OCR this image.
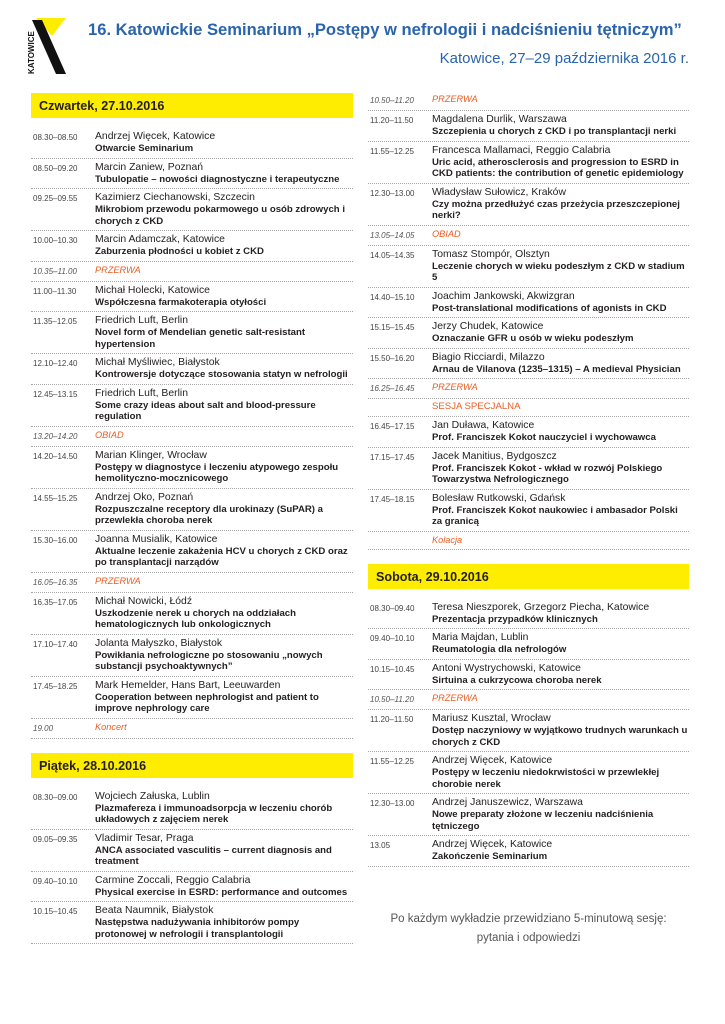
KATOWICE
16. Katowickie Seminarium „Postępy w nefrologii i nadciśnieniu tętniczym”
Katowice, 27–29 października 2016 r.
Czwartek, 27.10.2016
08.30–08.50	Andrzej Więcek, Katowice
Otwarcie Seminarium
08.50–09.20	Marcin Zaniew, Poznań
Tubulopatie – nowości diagnostyczne i terapeutyczne
09.25–09.55	Kazimierz Ciechanowski, Szczecin
Mikrobiom przewodu pokarmowego u osób zdrowych i chorych z CKD
10.00–10.30	Marcin Adamczak, Katowice
Zaburzenia płodności u kobiet z CKD
10.35–11.00	PRZERWA
11.00–11.30	Michał Holecki, Katowice
Współczesna farmakoterapia otyłości
11.35–12.05	Friedrich Luft, Berlin
Novel form of Mendelian genetic salt-resistant hypertension
12.10–12.40	Michał Myśliwiec, Białystok
Kontrowersje dotyczące stosowania statyn w nefrologii
12.45–13.15	Friedrich Luft, Berlin
Some crazy ideas about salt and blood-pressure regulation
13.20–14.20	OBIAD
14.20–14.50	Marian Klinger, Wrocław
Postępy w diagnostyce i leczeniu atypowego zespołu hemolityczno-mocznicowego
14.55–15.25	Andrzej Oko, Poznań
Rozpuszczalne receptory dla urokinazy (SuPAR) a przewlekła choroba nerek
15.30–16.00	Joanna Musialik, Katowice
Aktualne leczenie zakażenia HCV u chorych z CKD oraz po transplantacji narządów
16.05–16.35	PRZERWA
16.35–17.05	Michał Nowicki, Łódź
Uszkodzenie nerek u chorych na oddziałach hematologicznych lub onkologicznych
17.10–17.40	Jolanta Małyszko, Białystok
Powikłania nefrologiczne po stosowaniu „nowych substancji psychoaktywnych”
17.45–18.25	Mark Hemelder, Hans Bart, Leeuwarden
Cooperation between nephrologist and patient to improve nephrology care
19.00	Koncert
Piątek, 28.10.2016
08.30–09.00	Wojciech Załuska, Lublin
Plazmafereza i immunoadsorpcja w leczeniu chorób układowych z zajęciem nerek
09.05–09.35	Vladimir Tesar, Praga
ANCA associated vasculitis – current diagnosis and treatment
09.40–10.10	Carmine Zoccali, Reggio Calabria
Physical exercise in ESRD: performance and outcomes
10.15–10.45	Beata Naumnik, Białystok
Następstwa nadużywania inhibitorów pompy protonowej w nefrologii i transplantologii
10.50–11.20	PRZERWA
11.20–11.50	Magdalena Durlik, Warszawa
Szczepienia u chorych z CKD i po transplantacji nerki
11.55–12.25	Francesca Mallamaci, Reggio Calabria
Uric acid, atherosclerosis and progression to ESRD in CKD patients: the contribution of genetic epidemiology
12.30–13.00	Władysław Sułowicz, Kraków
Czy można przedłużyć czas przeżycia przeszczepionej nerki?
13.05–14.05	OBIAD
14.05–14.35	Tomasz Stompór, Olsztyn
Leczenie chorych w wieku podeszłym z CKD w stadium 5
14.40–15.10	Joachim Jankowski, Akwizgran
Post-translational modifications of agonists in CKD
15.15–15.45	Jerzy Chudek, Katowice
Oznaczanie GFR u osób w wieku podeszłym
15.50–16.20	Biagio Ricciardi, Milazzo
Arnau de Vilanova (1235–1315) – A medieval Physician
16.25–16.45	PRZERWA
SESJA SPECJALNA
16.45–17.15	Jan Duława, Katowice
Prof. Franciszek Kokot nauczyciel i wychowawca
17.15–17.45	Jacek Manitius, Bydgoszcz
Prof. Franciszek Kokot - wkład w rozwój Polskiego Towarzystwa Nefrologicznego
17.45–18.15	Bolesław Rutkowski, Gdańsk
Prof. Franciszek Kokot naukowiec i ambasador Polski za granicą
Kolacja
Sobota, 29.10.2016
08.30–09.40	Teresa Nieszporek, Grzegorz Piecha, Katowice
Prezentacja przypadków klinicznych
09.40–10.10	Maria Majdan, Lublin
Reumatologia dla nefrologów
10.15–10.45	Antoni Wystrychowski, Katowice
Sirtuina a cukrzycowa choroba nerek
10.50–11.20	PRZERWA
11.20–11.50	Mariusz Kusztal, Wrocław
Dostęp naczyniowy w wyjątkowo trudnych warunkach u chorych z CKD
11.55–12.25	Andrzej Więcek, Katowice
Postępy w leczeniu niedokrwistości w przewlekłej chorobie nerek
12.30–13.00	Andrzej Januszewicz, Warszawa
Nowe preparaty złożone w leczeniu nadciśnienia tętniczego
13.05	Andrzej Więcek, Katowice
Zakończenie Seminarium
Po każdym wykładzie przewidziano 5-minutową sesję:
pytania i odpowiedzi
